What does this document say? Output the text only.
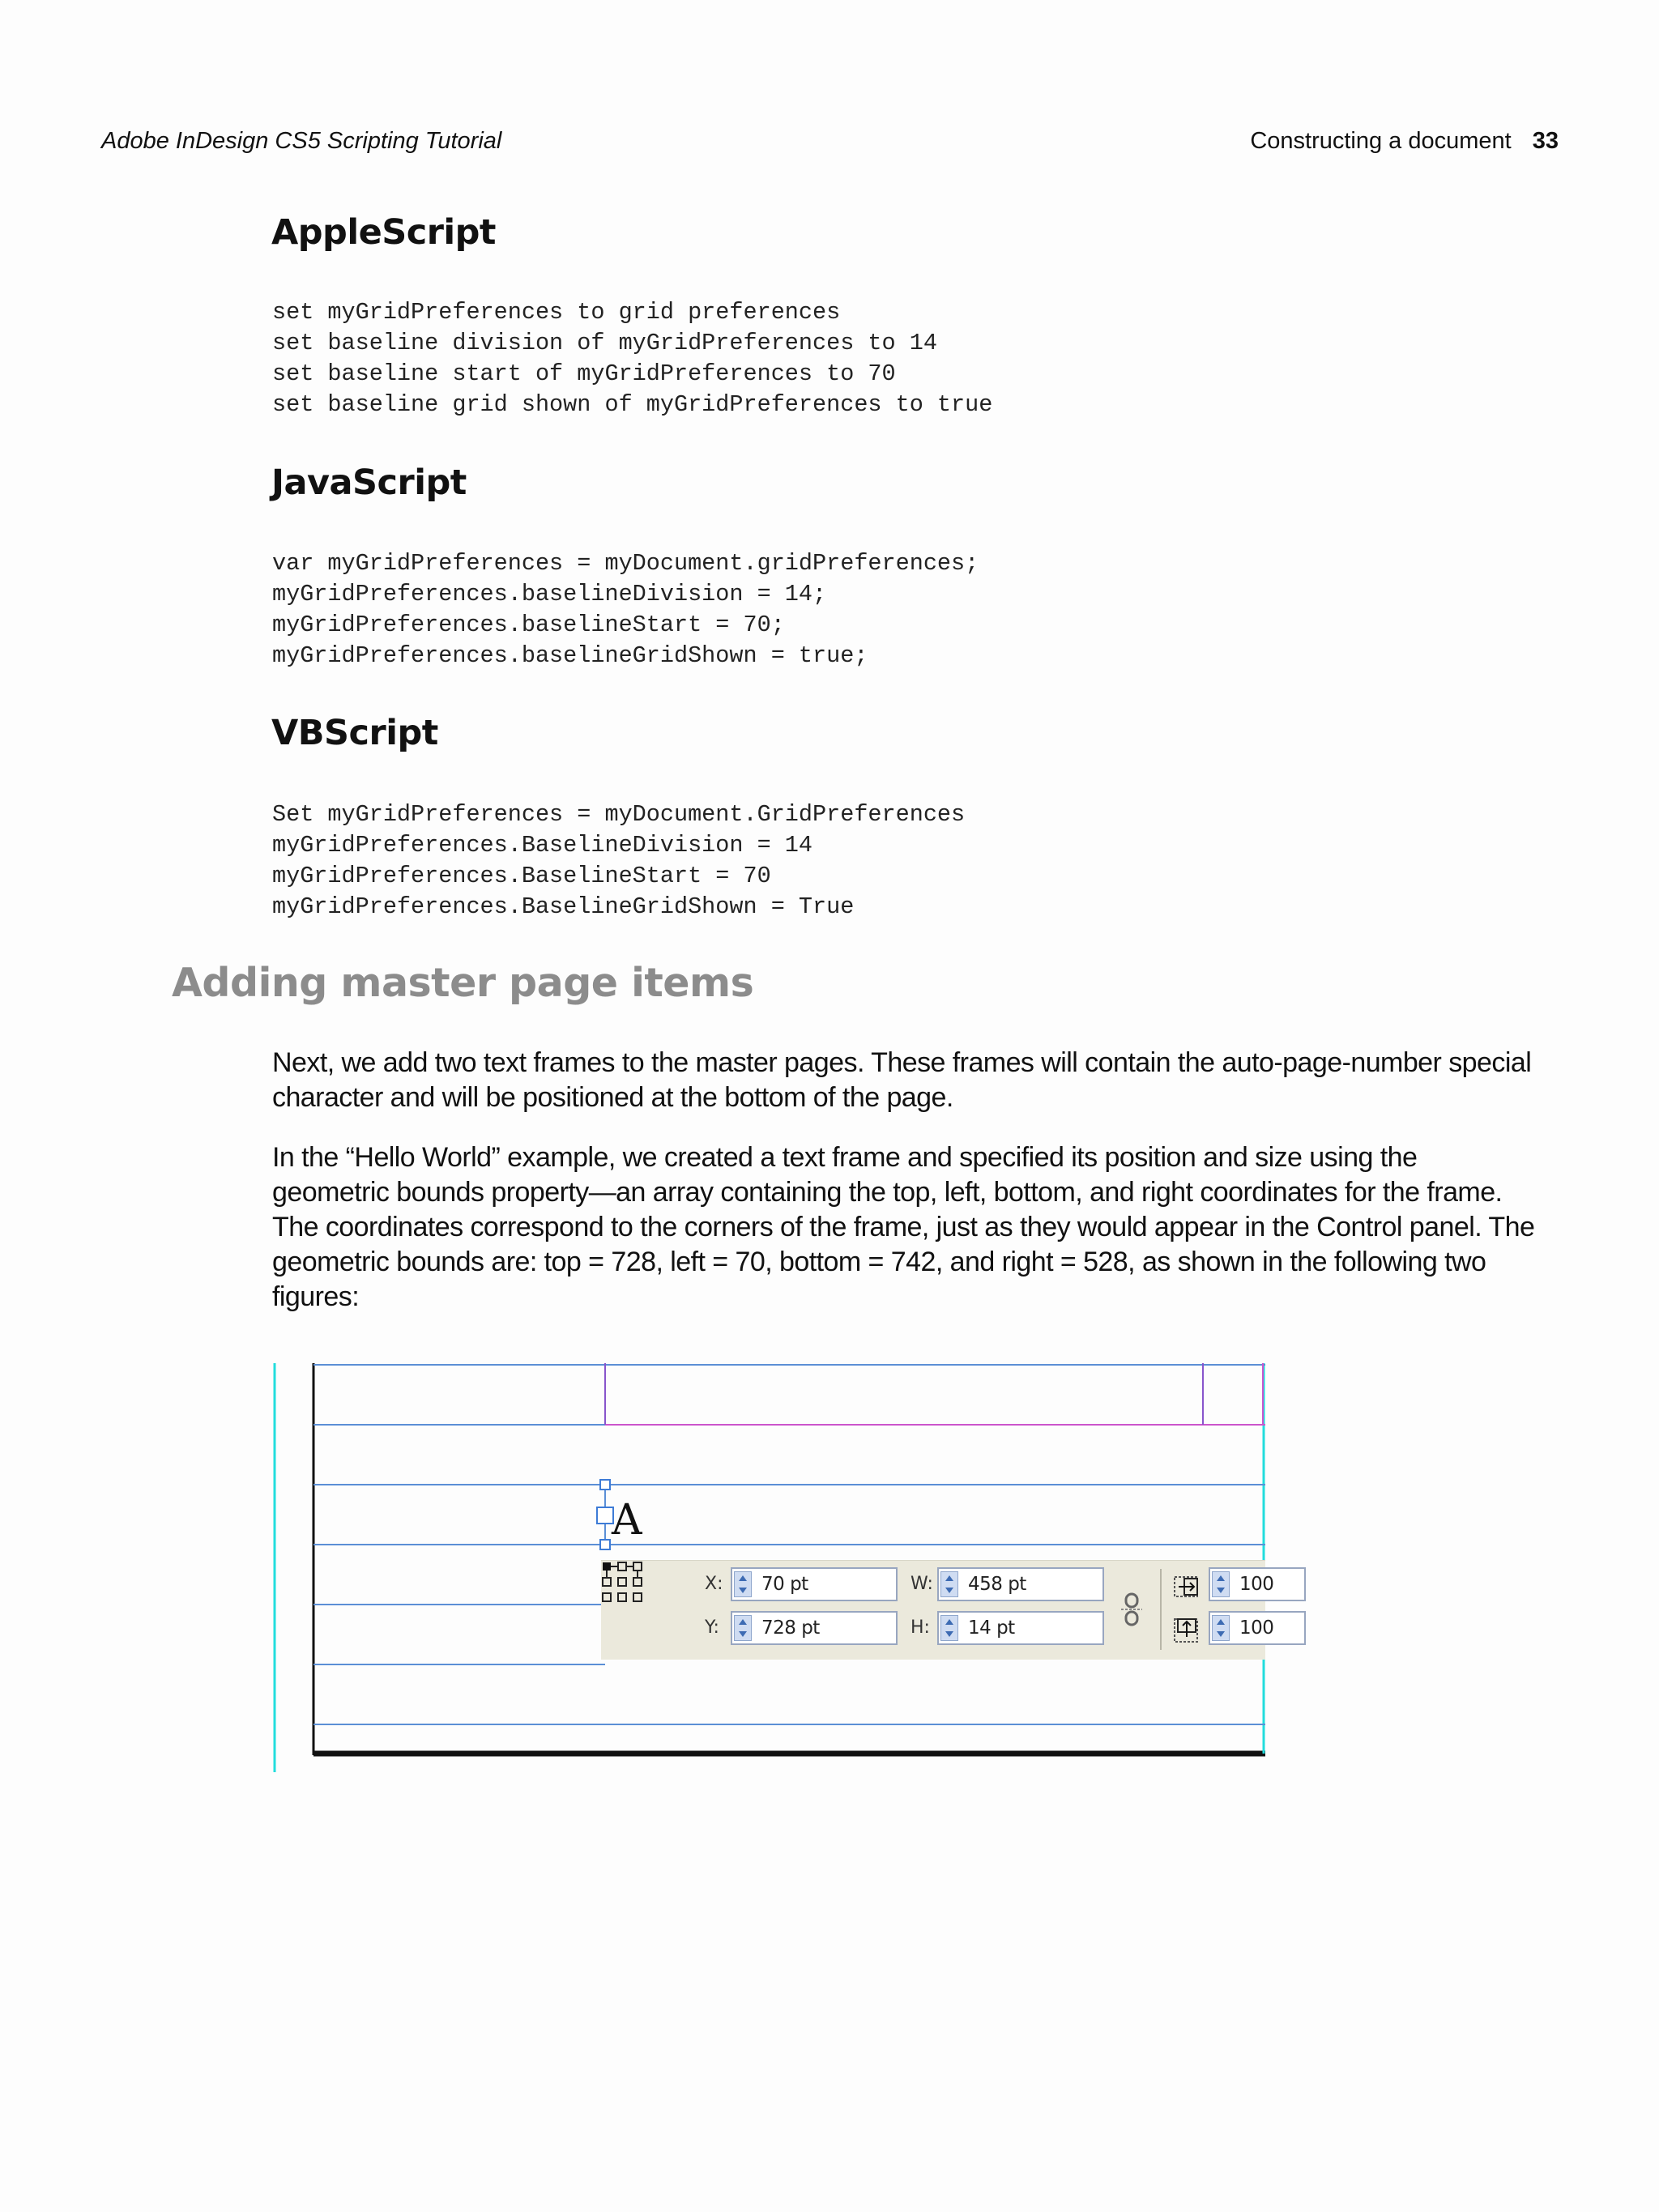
Adobe InDesign CS5 Scripting Tutorial	Constructing a document 33
AppleScript
set myGridPreferences to grid preferences
set baseline division of myGridPreferences to 14
set baseline start of myGridPreferences to 70
set baseline grid shown of myGridPreferences to true
JavaScript
var myGridPreferences = myDocument.gridPreferences;
myGridPreferences.baselineDivision = 14;
myGridPreferences.baselineStart = 70;
myGridPreferences.baselineGridShown = true;
VBScript
Set myGridPreferences = myDocument.GridPreferences
myGridPreferences.BaselineDivision = 14
myGridPreferences.BaselineStart = 70
myGridPreferences.BaselineGridShown = True
Adding master page items
Next, we add two text frames to the master pages. These frames will contain the auto-page-number special character and will be positioned at the bottom of the page.
In the “Hello World” example, we created a text frame and specified its position and size using the geometric bounds property—an array containing the top, left, bottom, and right coordinates for the frame. The coordinates correspond to the corners of the frame, just as they would appear in the Control panel. The geometric bounds are: top = 728, left = 70, bottom = 742, and right = 528, as shown in the following two figures:
A
X: 70 pt
Y: 728 pt
W: 458 pt
H: 14 pt
100
100
